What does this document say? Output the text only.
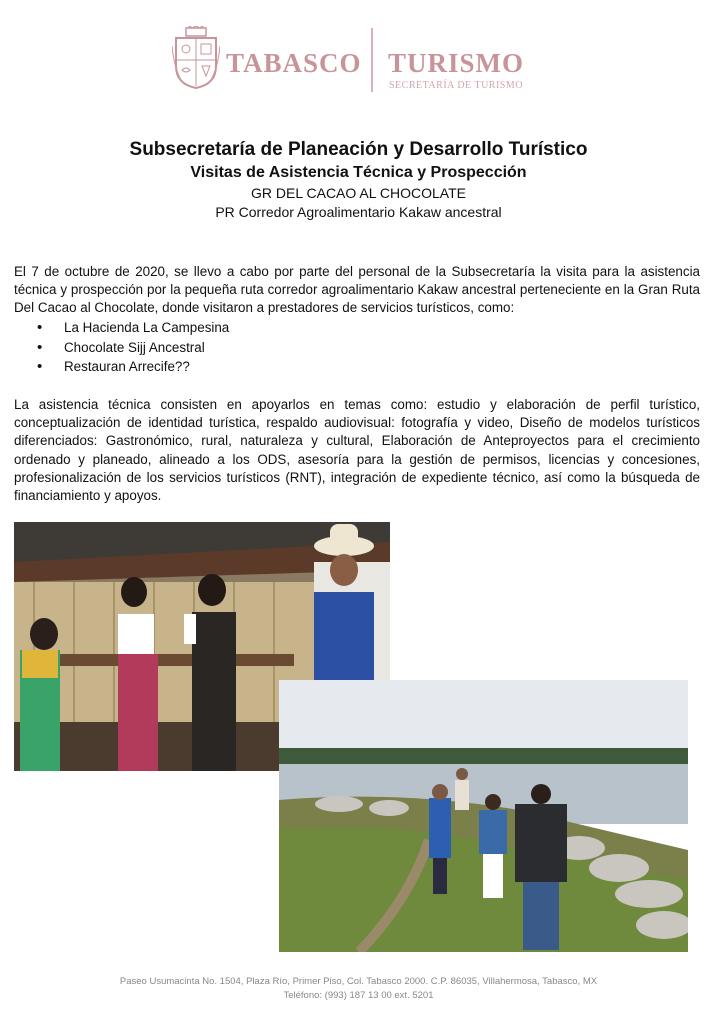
TABASCO TURISMO
SECRETARÍA DE TURISMO
Subsecretaría de Planeación y Desarrollo Turístico
Visitas de Asistencia Técnica y Prospección
GR DEL CACAO AL CHOCOLATE
PR Corredor Agroalimentario Kakaw ancestral

El 7 de octubre de 2020, se llevo a cabo por parte del personal de la Subsecretaría la visita para la asistencia técnica y prospección por la pequeña ruta corredor agroalimentario Kakaw ancestral perteneciente en la Gran Ruta Del Cacao al Chocolate, donde visitaron a prestadores de servicios turísticos, como:

• La Hacienda La Campesina
• Chocolate Sijj Ancestral
• Restauran Arrecife??

La asistencia técnica consisten en apoyarlos en temas como: estudio y elaboración de perfil turístico, conceptualización de identidad turística, respaldo audiovisual: fotografía y video, Diseño de modelos turísticos diferenciados: Gastronómico, rural, naturaleza y cultural, Elaboración de Anteproyectos para el crecimiento ordenado y planeado, alineado a los ODS, asesoría para la gestión de permisos, licencias y concesiones, profesionalización de los servicios turísticos (RNT), integración de expediente técnico, así como la búsqueda de financiamiento y apoyos.

Paseo Usumacinta No. 1504, Plaza Río, Primer Piso, Col. Tabasco 2000. C.P. 86035, Villahermosa, Tabasco, MX
Teléfono: (993) 187 13 00 ext. 5201
